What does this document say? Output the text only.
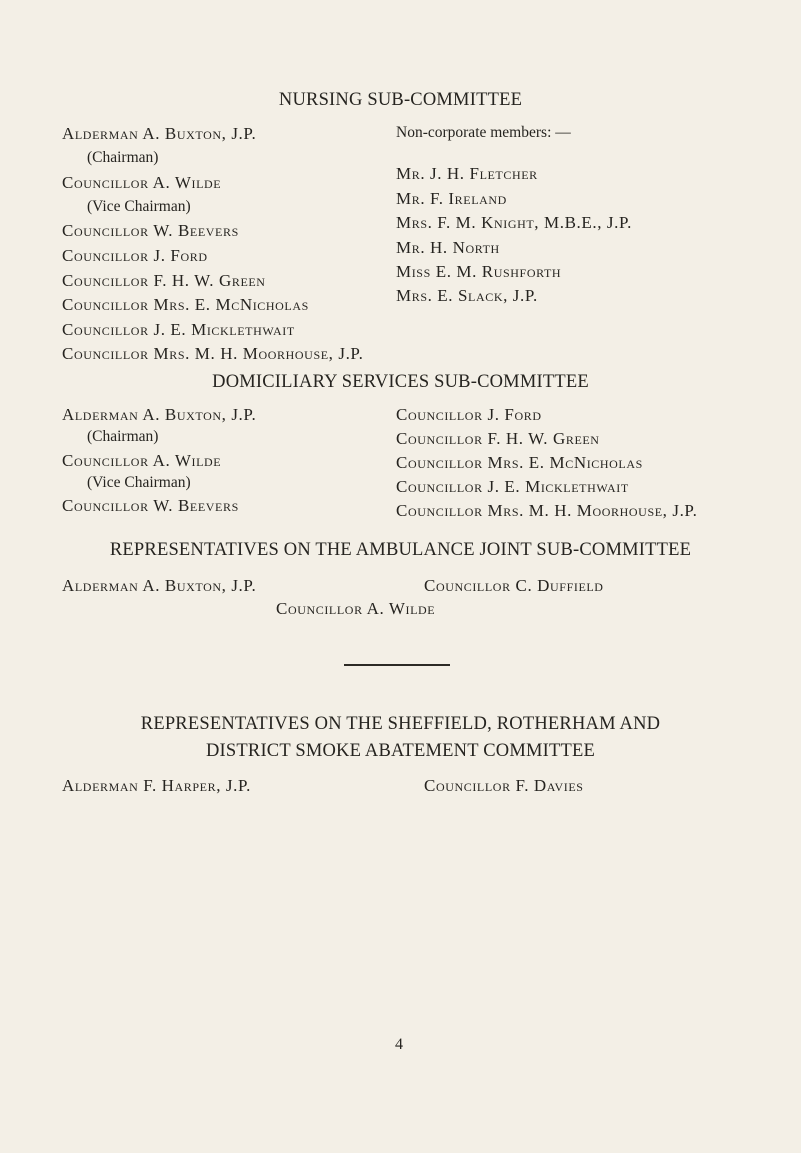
NURSING SUB-COMMITTEE
Alderman A. Buxton, J.P.
(Chairman)
Councillor A. Wilde
(Vice Chairman)
Councillor W. Beevers
Councillor J. Ford
Councillor F. H. W. Green
Councillor Mrs. E. McNicholas
Councillor J. E. Micklethwait
Councillor Mrs. M. H. Moorhouse, J.P.
Non-corporate members: —
Mr. J. H. Fletcher
Mr. F. Ireland
Mrs. F. M. Knight, M.B.E., J.P.
Mr. H. North
Miss E. M. Rushforth
Mrs. E. Slack, J.P.
DOMICILIARY SERVICES SUB-COMMITTEE
Alderman A. Buxton, J.P.
(Chairman)
Councillor A. Wilde
(Vice Chairman)
Councillor W. Beevers
Councillor J. Ford
Councillor F. H. W. Green
Councillor Mrs. E. McNicholas
Councillor J. E. Micklethwait
Councillor Mrs. M. H. Moorhouse, J.P.
REPRESENTATIVES ON THE AMBULANCE JOINT SUB-COMMITTEE
Alderman A. Buxton, J.P.	Councillor C. Duffield
Councillor A. Wilde
REPRESENTATIVES ON THE SHEFFIELD, ROTHERHAM AND
DISTRICT SMOKE ABATEMENT COMMITTEE
Alderman F. Harper, J.P.	Councillor F. Davies
4
